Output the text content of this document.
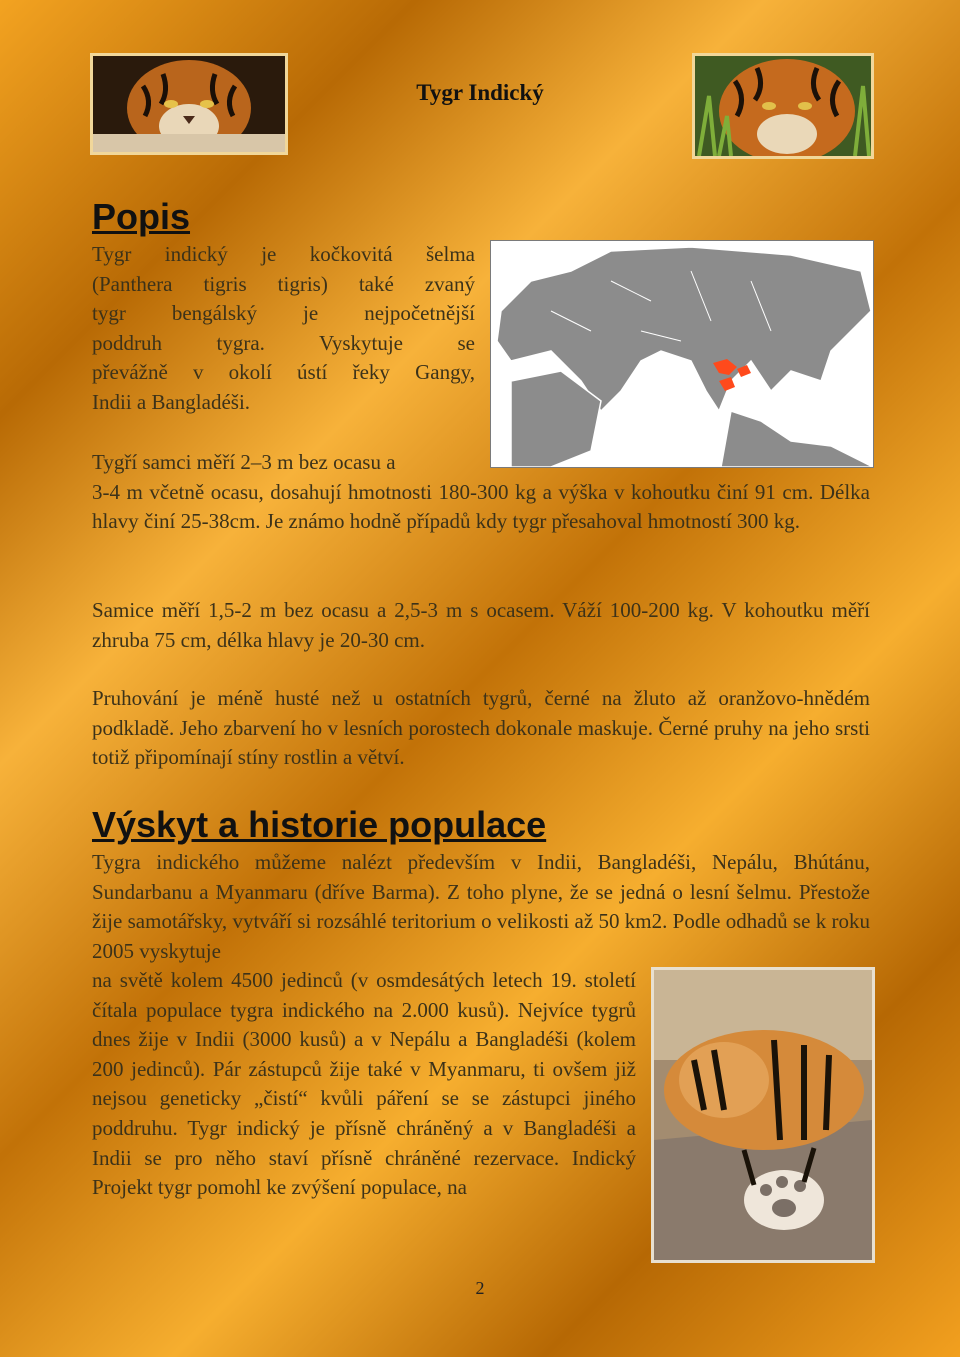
Tygr Indický
Popis
Tygr indický je kočkovitá šelma
(Panthera tigris tigris) také zvaný
tygr bengálský je nejpočetnější
poddruh tygra. Vyskytuje se
převážně v okolí ústí řeky Gangy,
Indii a Bangladéši.

Tygří samci měří 2–3 m bez ocasu a

3-4 m včetně ocasu, dosahují hmotnosti 180-300 kg a výška v kohoutku činí 91 cm. Délka hlavy činí 25-38cm. Je známo hodně případů kdy tygr přesahoval hmotností 300 kg.

Samice měří 1,5-2 m bez ocasu a 2,5-3 m s ocasem. Váží 100-200 kg. V kohoutku měří zhruba 75 cm, délka hlavy je 20-30 cm.

Pruhování je méně husté než u ostatních tygrů, černé na žluto až oranžovo-hnědém podkladě. Jeho zbarvení ho v lesních porostech dokonale maskuje. Černé pruhy na jeho srsti totiž připomínají stíny rostlin a větví.

Výskyt a historie populace

Tygra indického můžeme nalézt především v Indii, Bangladéši, Nepálu, Bhútánu, Sundarbanu a Myanmaru (dříve Barma). Z toho plyne, že se jedná o lesní šelmu. Přestože žije samotářsky, vytváří si rozsáhlé teritorium o velikosti až 50 km2. Podle odhadů se k roku 2005 vyskytuje

na světě kolem 4500 jedinců (v osmdesátých letech 19. století čítala populace tygra indického na 2.000 kusů). Nejvíce tygrů dnes žije v Indii (3000 kusů) a v Nepálu a Bangladéši (kolem 200 jedinců). Pár zástupců žije také v Myanmaru, ti ovšem již nejsou geneticky „čistí“ kvůli páření se se zástupci jiného poddruhu. Tygr indický je přísně chráněný a v Bangladéši a Indii se pro něho staví přísně chráněné rezervace. Indický Projekt tygr pomohl ke zvýšení populace, na

2
